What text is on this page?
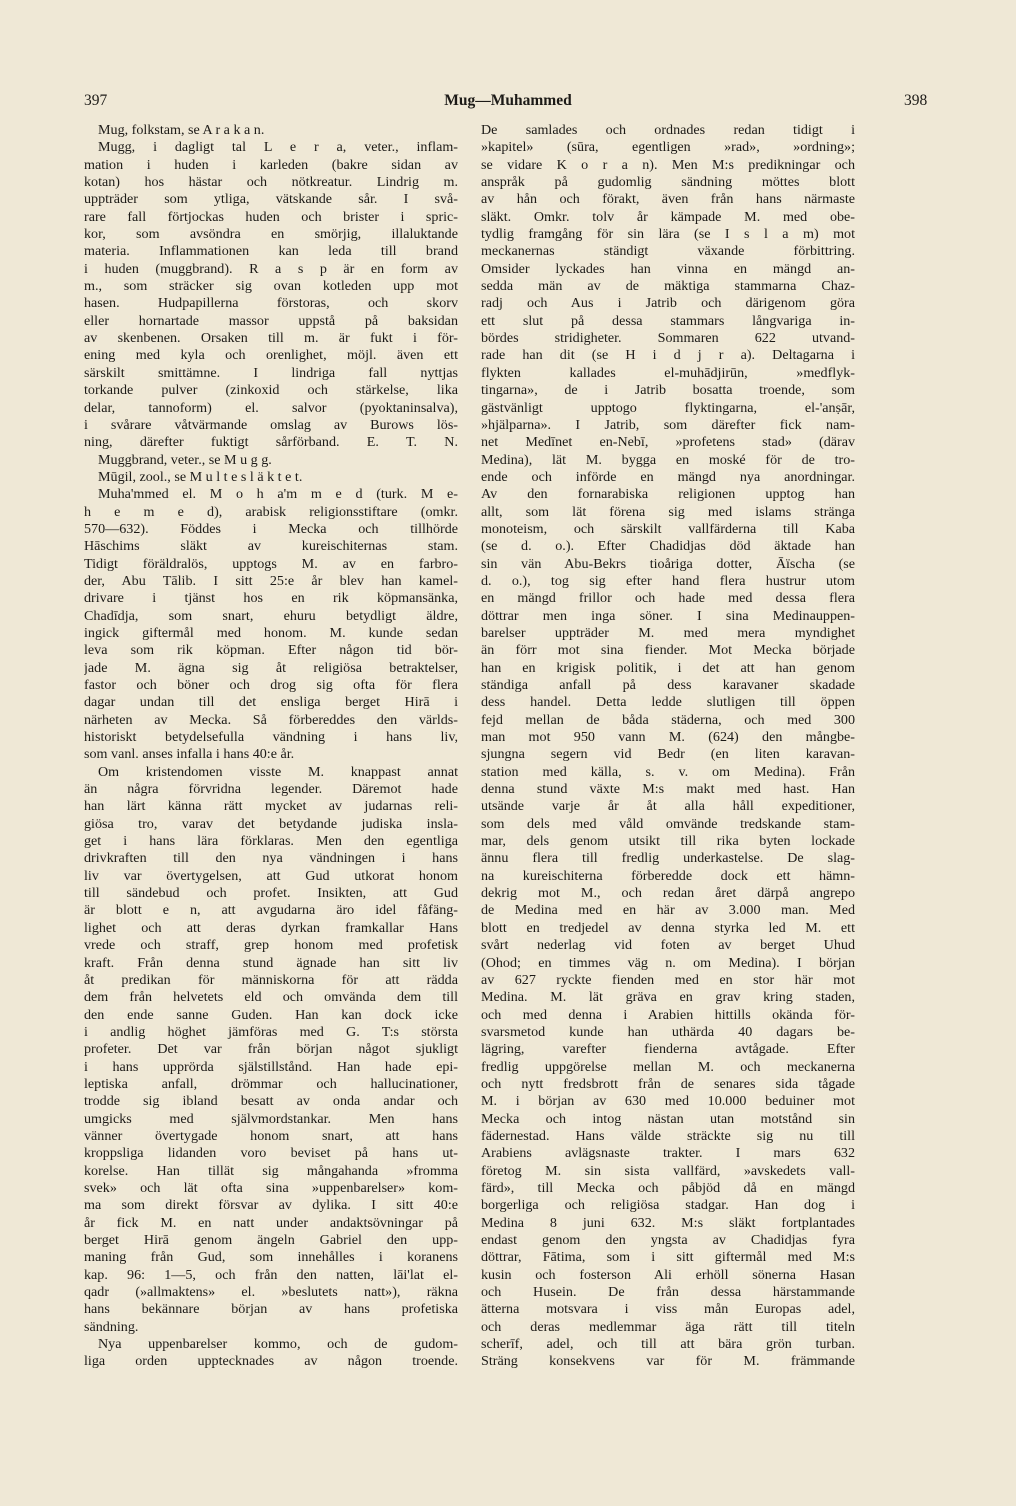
397	Mug—Muhammed	398
Mug, folkstam, se A r a k a n.
Mugg, i dagligt tal L e r a, veter., inflam-
mation i huden i karleden (bakre sidan av
kotan) hos hästar och nötkreatur. Lindrig m.
uppträder som ytliga, vätskande sår. I svå-
rare fall förtjockas huden och brister i spric-
kor, som avsöndra en smörjig, illaluktande
materia. Inflammationen kan leda till brand
i huden (muggbrand). R a s p är en form av
m., som sträcker sig ovan kotleden upp mot
hasen. Hudpapillerna förstoras, och skorv
eller hornartade massor uppstå på baksidan
av skenbenen. Orsaken till m. är fukt i för-
ening med kyla och orenlighet, möjl. även ett
särskilt smittämne. I lindriga fall nyttjas
torkande pulver (zinkoxid och stärkelse, lika
delar, tannoform) el. salvor (pyoktaninsalva),
i svårare våtvärmande omslag av Burows lös-
ning, därefter fuktigt sårförband. E. T. N.
Muggbrand, veter., se M u g g.
Mūgil, zool., se M u l t e s l ä k t e t.
Muha'mmed el. M o h a'm m e d (turk. M e-
h e m e d), arabisk religionsstiftare (omkr.
570—632). Föddes i Mecka och tillhörde
Hāschims släkt av kureischiternas stam.
Tidigt föräldralös, upptogs M. av en farbro-
der, Abu Tālib. I sitt 25:e år blev han kamel-
drivare i tjänst hos en rik köpmansänka,
Chadīdja, som snart, ehuru betydligt äldre,
ingick giftermål med honom. M. kunde sedan
leva som rik köpman. Efter någon tid bör-
jade M. ägna sig åt religiösa betraktelser,
fastor och böner och drog sig ofta för flera
dagar undan till det ensliga berget Hirā i
närheten av Mecka. Så förbereddes den världs-
historiskt betydelsefulla vändning i hans liv,
som vanl. anses infalla i hans 40:e år.
Om kristendomen visste M. knappast annat
än några förvridna legender. Däremot hade
han lärt känna rätt mycket av judarnas reli-
giösa tro, varav det betydande judiska insla-
get i hans lära förklaras. Men den egentliga
drivkraften till den nya vändningen i hans
liv var övertygelsen, att Gud utkorat honom
till sändebud och profet. Insikten, att Gud
är blott e n, att avgudarna äro idel fåfäng-
lighet och att deras dyrkan framkallar Hans
vrede och straff, grep honom med profetisk
kraft. Från denna stund ägnade han sitt liv
åt predikan för människorna för att rädda
dem från helvetets eld och omvända dem till
den ende sanne Guden. Han kan dock icke
i andlig höghet jämföras med G. T:s största
profeter. Det var från början något sjukligt
i hans upprörda själstillstånd. Han hade epi-
leptiska anfall, drömmar och hallucinationer,
trodde sig ibland besatt av onda andar och
umgicks med självmordstankar. Men hans
vänner övertygade honom snart, att hans
kroppsliga lidanden voro beviset på hans ut-
korelse. Han tillät sig mångahanda »fromma
svek» och lät ofta sina »uppenbarelser» kom-
ma som direkt försvar av dylika. I sitt 40:e
år fick M. en natt under andaktsövningar på
berget Hirā genom ängeln Gabriel den upp-
maning från Gud, som innehålles i koranens
kap. 96: 1—5, och från den natten, lāi'lat el-
qadr (»allmaktens» el. »beslutets natt»), räkna
hans bekännare början av hans profetiska
sändning.
Nya uppenbarelser kommo, och de gudom-
liga orden upptecknades av någon troende.
De samlades och ordnades redan tidigt i
»kapitel» (sūra, egentligen »rad», »ordning»;
se vidare K o r a n). Men M:s predikningar och
anspråk på gudomlig sändning möttes blott
av hån och förakt, även från hans närmaste
släkt. Omkr. tolv år kämpade M. med obe-
tydlig framgång för sin lära (se I s l a m) mot
meckanernas ständigt växande förbittring.
Omsider lyckades han vinna en mängd an-
sedda män av de mäktiga stammarna Chaz-
radj och Aus i Jatrib och därigenom göra
ett slut på dessa stammars långvariga in-
bördes stridigheter. Sommaren 622 utvand-
rade han dit (se H i d j r a). Deltagarna i
flykten kallades el-muhādjirūn, »medflyk-
tingarna», de i Jatrib bosatta troende, som
gästvänligt upptogo flyktingarna, el-'anṣār,
»hjälparna». I Jatrib, som därefter fick nam-
net Medīnet en-Nebī, »profetens stad» (därav
Medina), lät M. bygga en moské för de tro-
ende och införde en mängd nya anordningar.
Av den fornarabiska religionen upptog han
allt, som lät förena sig med islams stränga
monoteism, och särskilt vallfärderna till Kaba
(se d. o.). Efter Chadidjas död äktade han
sin vän Abu-Bekrs tioåriga dotter, Āïscha (se
d. o.), tog sig efter hand flera hustrur utom
en mängd frillor och hade med dessa flera
döttrar men inga söner. I sina Medinauppen-
barelser uppträder M. med mera myndighet
än förr mot sina fiender. Mot Mecka började
han en krigisk politik, i det att han genom
ständiga anfall på dess karavaner skadade
dess handel. Detta ledde slutligen till öppen
fejd mellan de båda städerna, och med 300
man mot 950 vann M. (624) den mångbe-
sjungna segern vid Bedr (en liten karavan-
station med källa, s. v. om Medina). Från
denna stund växte M:s makt med hast. Han
utsände varje år åt alla håll expeditioner,
som dels med våld omvände tredskande stam-
mar, dels genom utsikt till rika byten lockade
ännu flera till fredlig underkastelse. De slag-
na kureischiterna förberedde dock ett hämn-
dekrig mot M., och redan året därpå angrepo
de Medina med en här av 3.000 man. Med
blott en tredjedel av denna styrka led M. ett
svårt nederlag vid foten av berget Uhud
(Ohod; en timmes väg n. om Medina). I början
av 627 ryckte fienden med en stor här mot
Medina. M. lät gräva en grav kring staden,
och med denna i Arabien hittills okända för-
svarsmetod kunde han uthärda 40 dagars be-
lägring, varefter fienderna avtågade. Efter
fredlig uppgörelse mellan M. och meckanerna
och nytt fredsbrott från de senares sida tågade
M. i början av 630 med 10.000 beduiner mot
Mecka och intog nästan utan motstånd sin
fädernestad. Hans välde sträckte sig nu till
Arabiens avlägsnaste trakter. I mars 632
företog M. sin sista vallfärd, »avskedets vall-
färd», till Mecka och påbjöd då en mängd
borgerliga och religiösa stadgar. Han dog i
Medina 8 juni 632. M:s släkt fortplantades
endast genom den yngsta av Chadidjas fyra
döttrar, Fātima, som i sitt giftermål med M:s
kusin och fosterson Ali erhöll sönerna Hasan
och Husein. De från dessa härstammande
ätterna motsvara i viss mån Europas adel,
och deras medlemmar äga rätt till titeln
scherīf, adel, och till att bära grön turban.
Sträng konsekvens var för M. främmande
